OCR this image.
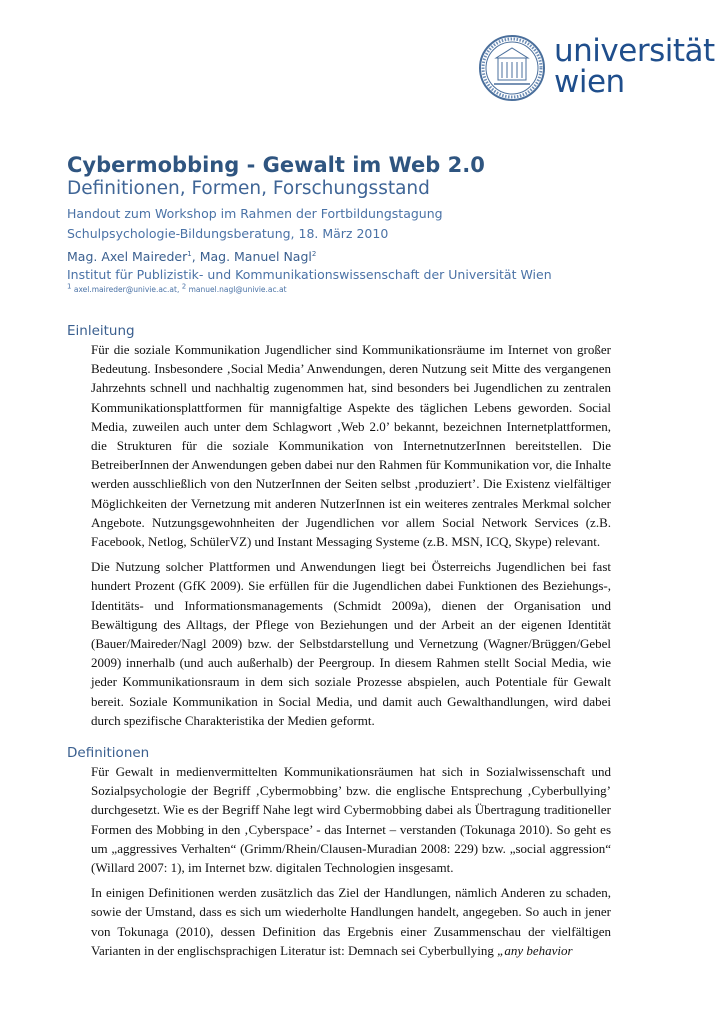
universität
wien
Cybermobbing - Gewalt im Web 2.0
Definitionen, Formen, Forschungsstand
Handout zum Workshop im Rahmen der Fortbildungstagung
Schulpsychologie-Bildungsberatung, 18. März 2010
Mag. Axel Maireder$^1$, Mag. Manuel Nagl$^2$
Institut für Publizistik- und Kommunikationswissenschaft der Universität Wien
$^1$ axel.maireder@univie.ac.at, $^2$ manuel.nagl@univie.ac.at
Einleitung

Für die soziale Kommunikation Jugendlicher sind Kommunikationsräume im Internet von großer Bedeutung. Insbesondere ‚Social Media’ Anwendungen, deren Nutzung seit Mitte des vergangenen Jahrzehnts schnell und nachhaltig zugenommen hat, sind besonders bei Jugendlichen zu zentralen Kommunikationsplattformen für mannigfaltige Aspekte des täglichen Lebens geworden. Social Media, zuweilen auch unter dem Schlagwort ‚Web 2.0’ bekannt, bezeichnen Internetplattformen, die Strukturen für die soziale Kommunikation von InternetnutzerInnen bereitstellen. Die BetreiberInnen der Anwendungen geben dabei nur den Rahmen für Kommunikation vor, die Inhalte werden ausschließlich von den NutzerInnen der Seiten selbst ‚produziert’. Die Existenz vielfältiger Möglichkeiten der Vernetzung mit anderen NutzerInnen ist ein weiteres zentrales Merkmal solcher Angebote. Nutzungsgewohnheiten der Jugendlichen vor allem Social Network Services (z.B. Facebook, Netlog, SchülerVZ) und Instant Messaging Systeme (z.B. MSN, ICQ, Skype) relevant.

Die Nutzung solcher Plattformen und Anwendungen liegt bei Österreichs Jugendlichen bei fast hundert Prozent (GfK 2009). Sie erfüllen für die Jugendlichen dabei Funktionen des Beziehungs-, Identitäts- und Informationsmanagements (Schmidt 2009a), dienen der Organisation und Bewältigung des Alltags, der Pflege von Beziehungen und der Arbeit an der eigenen Identität (Bauer/Maireder/Nagl 2009) bzw. der Selbstdarstellung und Vernetzung (Wagner/Brüggen/Gebel 2009) innerhalb (und auch außerhalb) der Peergroup. In diesem Rahmen stellt Social Media, wie jeder Kommunikationsraum in dem sich soziale Prozesse abspielen, auch Potentiale für Gewalt bereit. Soziale Kommunikation in Social Media, und damit auch Gewalthandlungen, wird dabei durch spezifische Charakteristika der Medien geformt.

Definitionen

Für Gewalt in medienvermittelten Kommunikationsräumen hat sich in Sozialwissenschaft und Sozialpsychologie der Begriff ‚Cybermobbing’ bzw. die englische Entsprechung ‚Cyberbullying’ durchgesetzt. Wie es der Begriff Nahe legt wird Cybermobbing dabei als Übertragung traditioneller Formen des Mobbing in den ‚Cyberspace’ - das Internet – verstanden (Tokunaga 2010). So geht es um „aggressives Verhalten“ (Grimm/Rhein/Clausen-Muradian 2008: 229) bzw. „social aggression“ (Willard 2007: 1), im Internet bzw. digitalen Technologien insgesamt.

In einigen Definitionen werden zusätzlich das Ziel der Handlungen, nämlich Anderen zu schaden, sowie der Umstand, dass es sich um wiederholte Handlungen handelt, angegeben. So auch in jener von Tokunaga (2010), dessen Definition das Ergebnis einer Zusammenschau der vielfältigen Varianten in der englischsprachigen Literatur ist: Demnach sei Cyberbullying „any behavior
